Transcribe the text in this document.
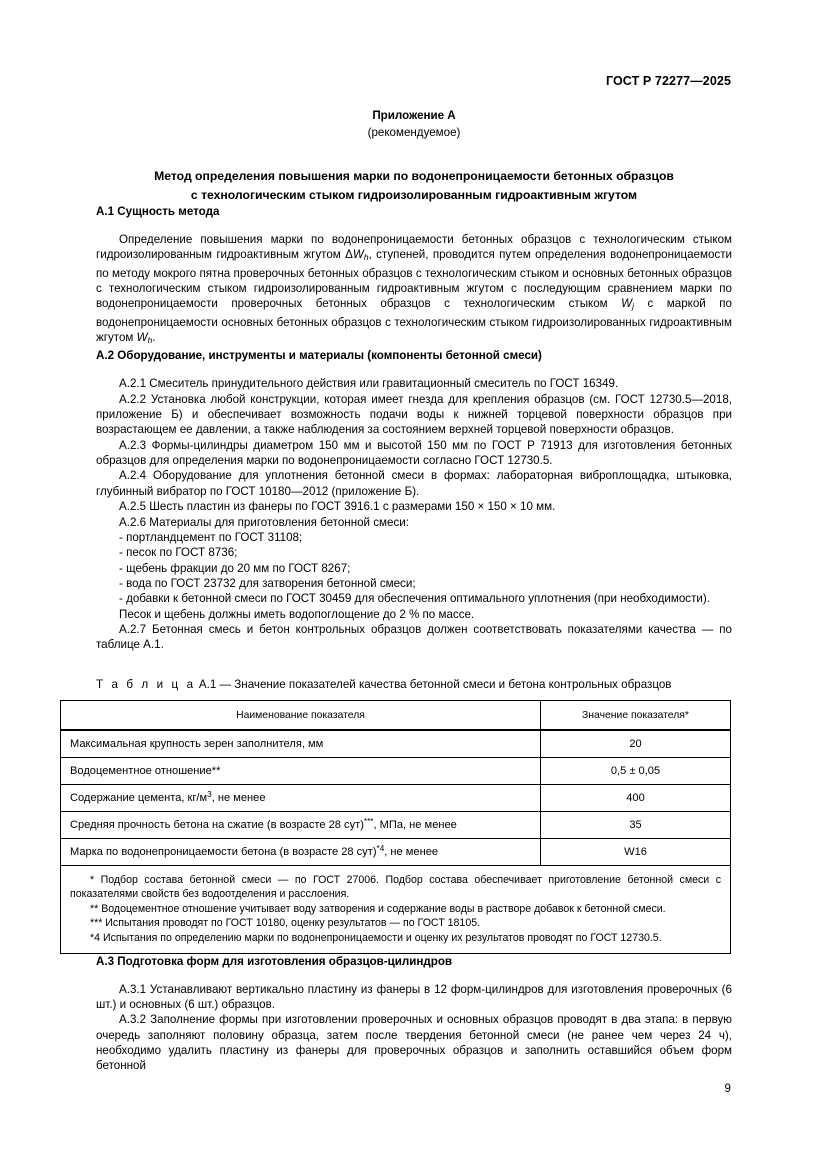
ГОСТ Р 72277—2025
Приложение А
(рекомендуемое)
Метод определения повышения марки по водонепроницаемости бетонных образцов
с технологическим стыком гидроизолированным гидроактивным жгутом
А.1 Сущность метода

Определение повышения марки по водонепроницаемости бетонных образцов с технологическим стыком гидроизолированным гидроактивным жгутом $\Delta W_h$, ступеней, проводится путем определения водонепроницаемости по методу мокрого пятна проверочных бетонных образцов с технологическим стыком и основных бетонных образцов с технологическим стыком гидроизолированным гидроактивным жгутом с последующим сравнением марки по водонепроницаемости проверочных бетонных образцов с технологическим стыком $W_j$ с маркой по водонепроницаемости основных бетонных образцов с технологическим стыком гидроизолированных гидроактивным жгутом $W_h$.

А.2 Оборудование, инструменты и материалы (компоненты бетонной смеси)

А.2.1 Смеситель принудительного действия или гравитационный смеситель по ГОСТ 16349.

А.2.2 Установка любой конструкции, которая имеет гнезда для крепления образцов (см. ГОСТ 12730.5—2018, приложение Б) и обеспечивает возможность подачи воды к нижней торцевой поверхности образцов при возрастающем ее давлении, а также наблюдения за состоянием верхней торцевой поверхности образцов.

А.2.3 Формы-цилиндры диаметром 150 мм и высотой 150 мм по ГОСТ Р 71913 для изготовления бетонных образцов для определения марки по водонепроницаемости согласно ГОСТ 12730.5.

А.2.4 Оборудование для уплотнения бетонной смеси в формах: лабораторная виброплощадка, штыковка, глубинный вибратор по ГОСТ 10180—2012 (приложение Б).

А.2.5 Шесть пластин из фанеры по ГОСТ 3916.1 с размерами 150 × 150 × 10 мм.

А.2.6 Материалы для приготовления бетонной смеси:

- портландцемент по ГОСТ 31108;

- песок по ГОСТ 8736;

- щебень фракции до 20 мм по ГОСТ 8267;

- вода по ГОСТ 23732 для затворения бетонной смеси;

- добавки к бетонной смеси по ГОСТ 30459 для обеспечения оптимального уплотнения (при необходимости).

Песок и щебень должны иметь водопоглощение до 2 % по массе.

А.2.7 Бетонная смесь и бетон контрольных образцов должен соответствовать показателями качества — по таблице А.1.

Т а б л и ц а А.1 — Значение показателей качества бетонной смеси и бетона контрольных образцов
Наименование показателя	Значение показателя*
Максимальная крупность зерен заполнителя, мм	20
Водоцементное отношение**	0,5 ± 0,05
Содержание цемента, кг/м$^3$, не менее	400
Средняя прочность бетона на сжатие (в возрасте 28 сут)***, МПа, не менее	35
Марка по водонепроницаемости бетона (в возрасте 28 сут)$^{*4}$, не менее	W16

* Подбор состава бетонной смеси — по ГОСТ 27006. Подбор состава обеспечивает приготовление бетонной смеси с показателями свойств без водоотделения и расслоения.

** Водоцементное отношение учитывает воду затворения и содержание воды в растворе добавок к бетонной смеси.

*** Испытания проводят по ГОСТ 10180, оценку результатов — по ГОСТ 18105.

*4 Испытания по определению марки по водонепроницаемости и оценку их результатов проводят по ГОСТ 12730.5.	

А.3 Подготовка форм для изготовления образцов-цилиндров

А.3.1 Устанавливают вертикально пластину из фанеры в 12 форм-цилиндров для изготовления проверочных (6 шт.) и основных (6 шт.) образцов.

А.3.2 Заполнение формы при изготовлении проверочных и основных образцов проводят в два этапа: в первую очередь заполняют половину образца, затем после твердения бетонной смеси (не ранее чем через 24 ч), необходимо удалить пластину из фанеры для проверочных образцов и заполнить оставшийся объем форм бетонной

9
